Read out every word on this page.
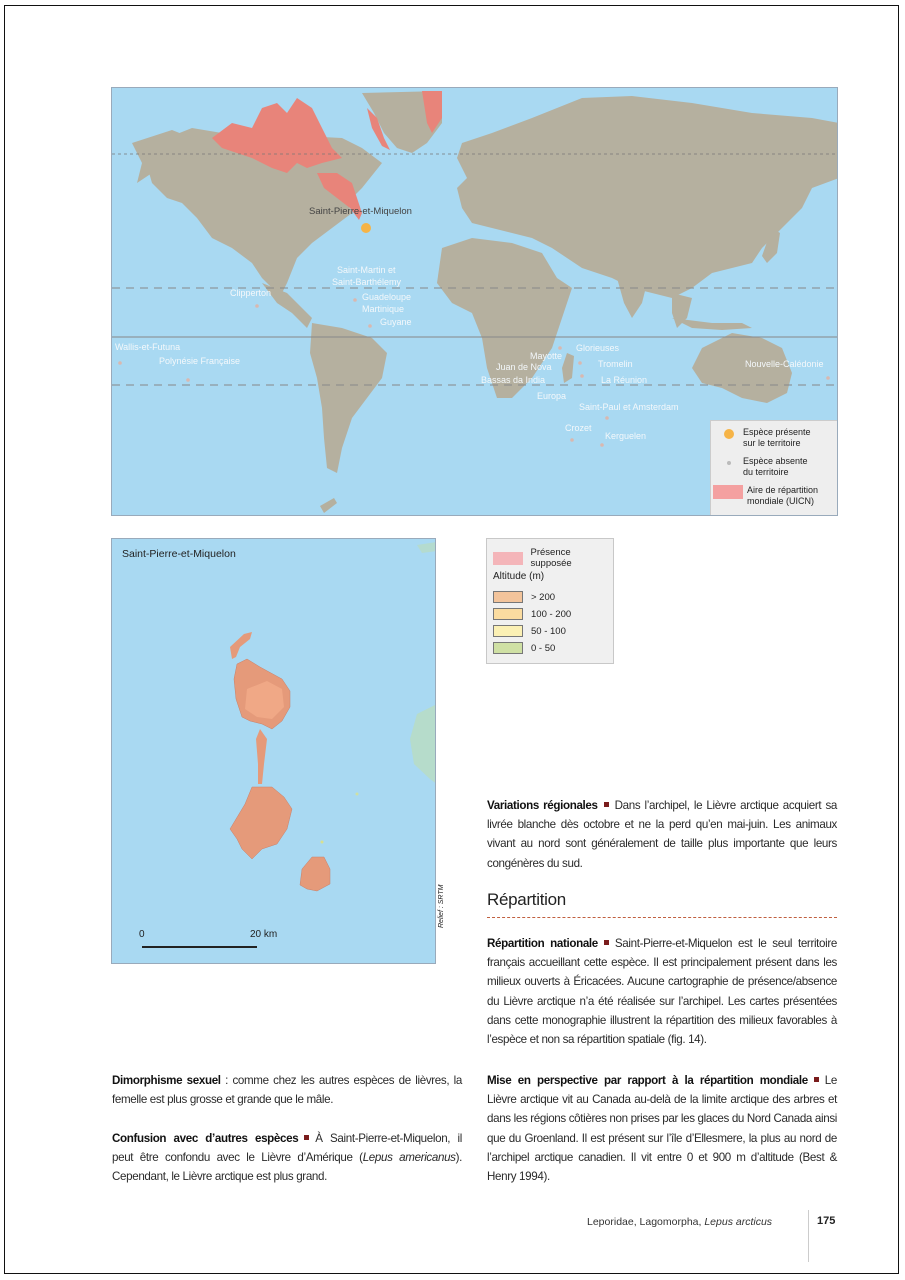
Saint-Pierre-et-Miquelon
Saint-Martin et
Saint-Barthélemy
Clipperton	Guadeloupe
Martinique
Guyane
Wallis-et-Futuna
Polynésie Française	Mayotte
Glorieuses
Juan de Nova	Tromelin
Bassas da India	La Réunion
Europa
Saint-Paul et Amsterdam
Crozet
Kerguelen
Nouvelle-Calédonie
Espèce présente
sur le territoire
Espèce absente
du territoire
Aire de répartition
mondiale (UICN)
Saint-Pierre-et-Miquelon
0	20 km
Relief : SRTM
Présence supposée
Altitude (m)
> 200
100 - 200
50 - 100
0 - 50
Variations régionales Dans l’archipel, le Lièvre arctique acquiert sa livrée blanche dès octobre et ne la perd qu’en mai-juin. Les animaux vivant au nord sont généralement de taille plus importante que leurs congénères du sud.
Répartition
Répartition nationale Saint-Pierre-et-Miquelon est le seul territoire français accueillant cette espèce. Il est principalement présent dans les milieux ouverts à Éricacées. Aucune cartographie de présence/absence du Lièvre arctique n’a été réalisée sur l’archipel. Les cartes présentées dans cette monographie illustrent la répartition des milieux favorables à l’espèce et non sa répartition spatiale (fig. 14).
Mise en perspective par rapport à la répartition mondiale Le Lièvre arctique vit au Canada au-delà de la limite arctique des arbres et dans les régions côtières non prises par les glaces du Nord Canada ainsi que du Groenland. Il est présent sur l’île d’Ellesmere, la plus au nord de l’archipel arctique canadien. Il vit entre 0 et 900 m d’altitude (Best & Henry 1994).
Dimorphisme sexuel : comme chez les autres espèces de lièvres, la femelle est plus grosse et grande que le mâle.
Confusion avec d’autres espèces À Saint-Pierre-et-Miquelon, il peut être confondu avec le Lièvre d’Amérique (Lepus americanus). Cependant, le Lièvre arctique est plus grand.
Leporidae, Lagomorpha, Lepus arcticus	175
